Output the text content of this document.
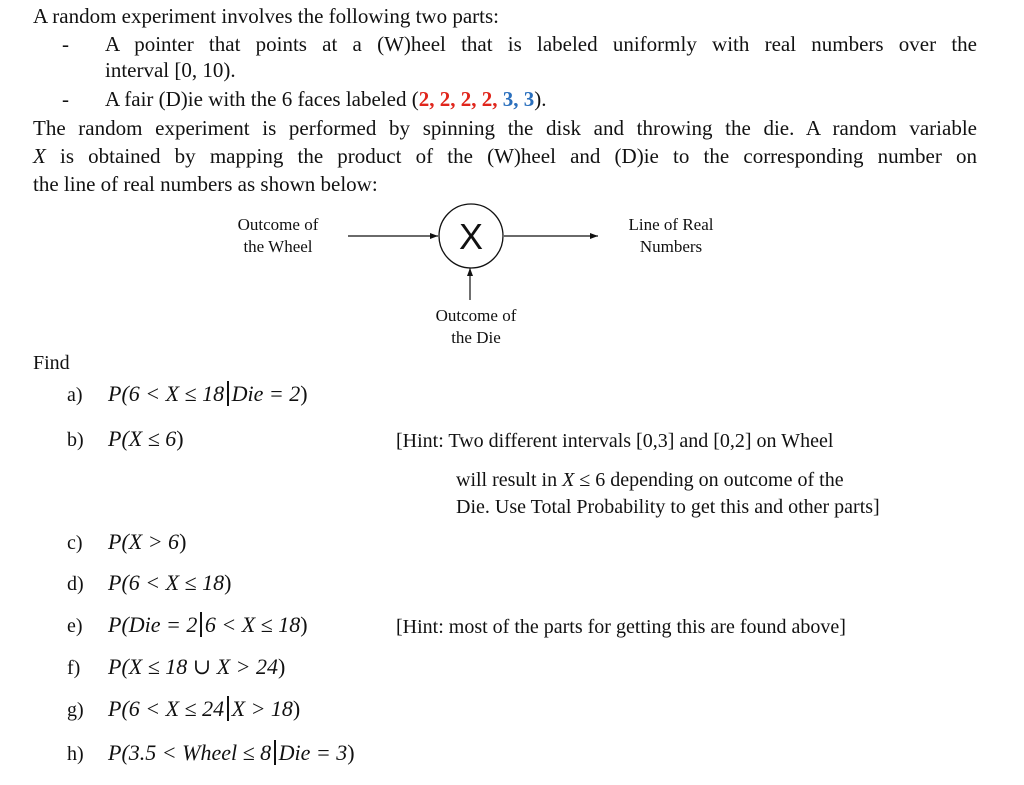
A random experiment involves the following two parts:
- A pointer that points at a (W)heel that is labeled uniformly with real numbers over the
interval [0, 10).
- A fair (D)ie with the 6 faces labeled (2, 2, 2, 2, 3, 3).
The random experiment is performed by spinning the disk and throwing the die. A random variable
X is obtained by mapping the product of the (W)heel and (D)ie to the corresponding number on
the line of real numbers as shown below:
X
Outcome of
the Wheel
Line of Real
Numbers
Outcome of
the Die
Find
a) P(6 < X ≤ 18 Die = 2)
b) P(X ≤ 6)	[Hint: Two different intervals [0,3] and [0,2] on Wheel
will result in X ≤ 6 depending on outcome of the
Die. Use Total Probability to get this and other parts]
c) P(X > 6)
d) P(6 < X ≤ 18)
e) P(Die = 2 6 < X ≤ 18)	[Hint: most of the parts for getting this are found above]
f) P(X ≤ 18 ∪ X > 24)
g) P(6 < X ≤ 24 X > 18)
h) P(3.5 < Wheel ≤ 8 Die = 3)
